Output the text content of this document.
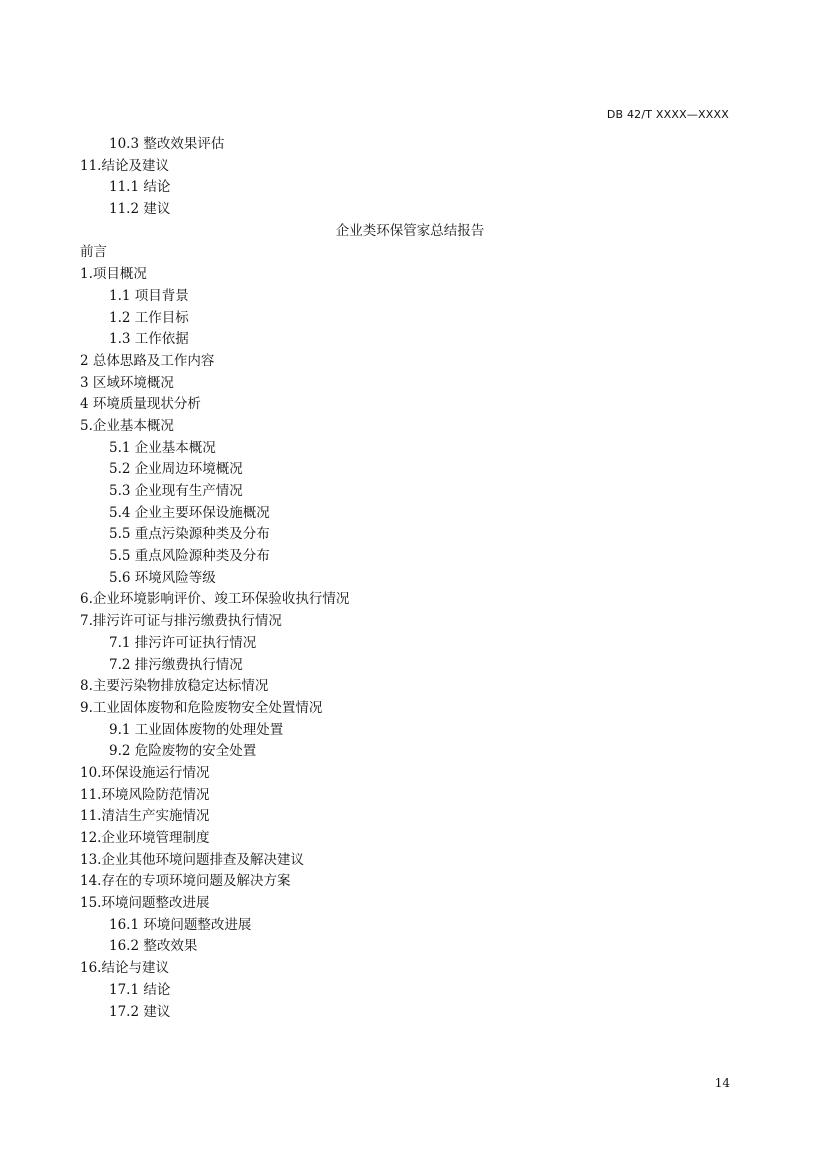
DB 42/T XXXX—XXXX
10.3 整改效果评估
11.结论及建议
11.1 结论
11.2 建议
企业类环保管家总结报告
前言
1.项目概况
1.1 项目背景
1.2 工作目标
1.3 工作依据
2 总体思路及工作内容
3 区域环境概况
4 环境质量现状分析
5.企业基本概况
5.1 企业基本概况
5.2 企业周边环境概况
5.3 企业现有生产情况
5.4 企业主要环保设施概况
5.5 重点污染源种类及分布
5.5 重点风险源种类及分布
5.6 环境风险等级
6.企业环境影响评价、竣工环保验收执行情况
7.排污许可证与排污缴费执行情况
7.1 排污许可证执行情况
7.2 排污缴费执行情况
8.主要污染物排放稳定达标情况
9.工业固体废物和危险废物安全处置情况
9.1 工业固体废物的处理处置
9.2 危险废物的安全处置
10.环保设施运行情况
11.环境风险防范情况
11.清洁生产实施情况
12.企业环境管理制度
13.企业其他环境问题排查及解决建议
14.存在的专项环境问题及解决方案
15.环境问题整改进展
16.1 环境问题整改进展
16.2 整改效果
16.结论与建议
17.1 结论
17.2 建议
14
